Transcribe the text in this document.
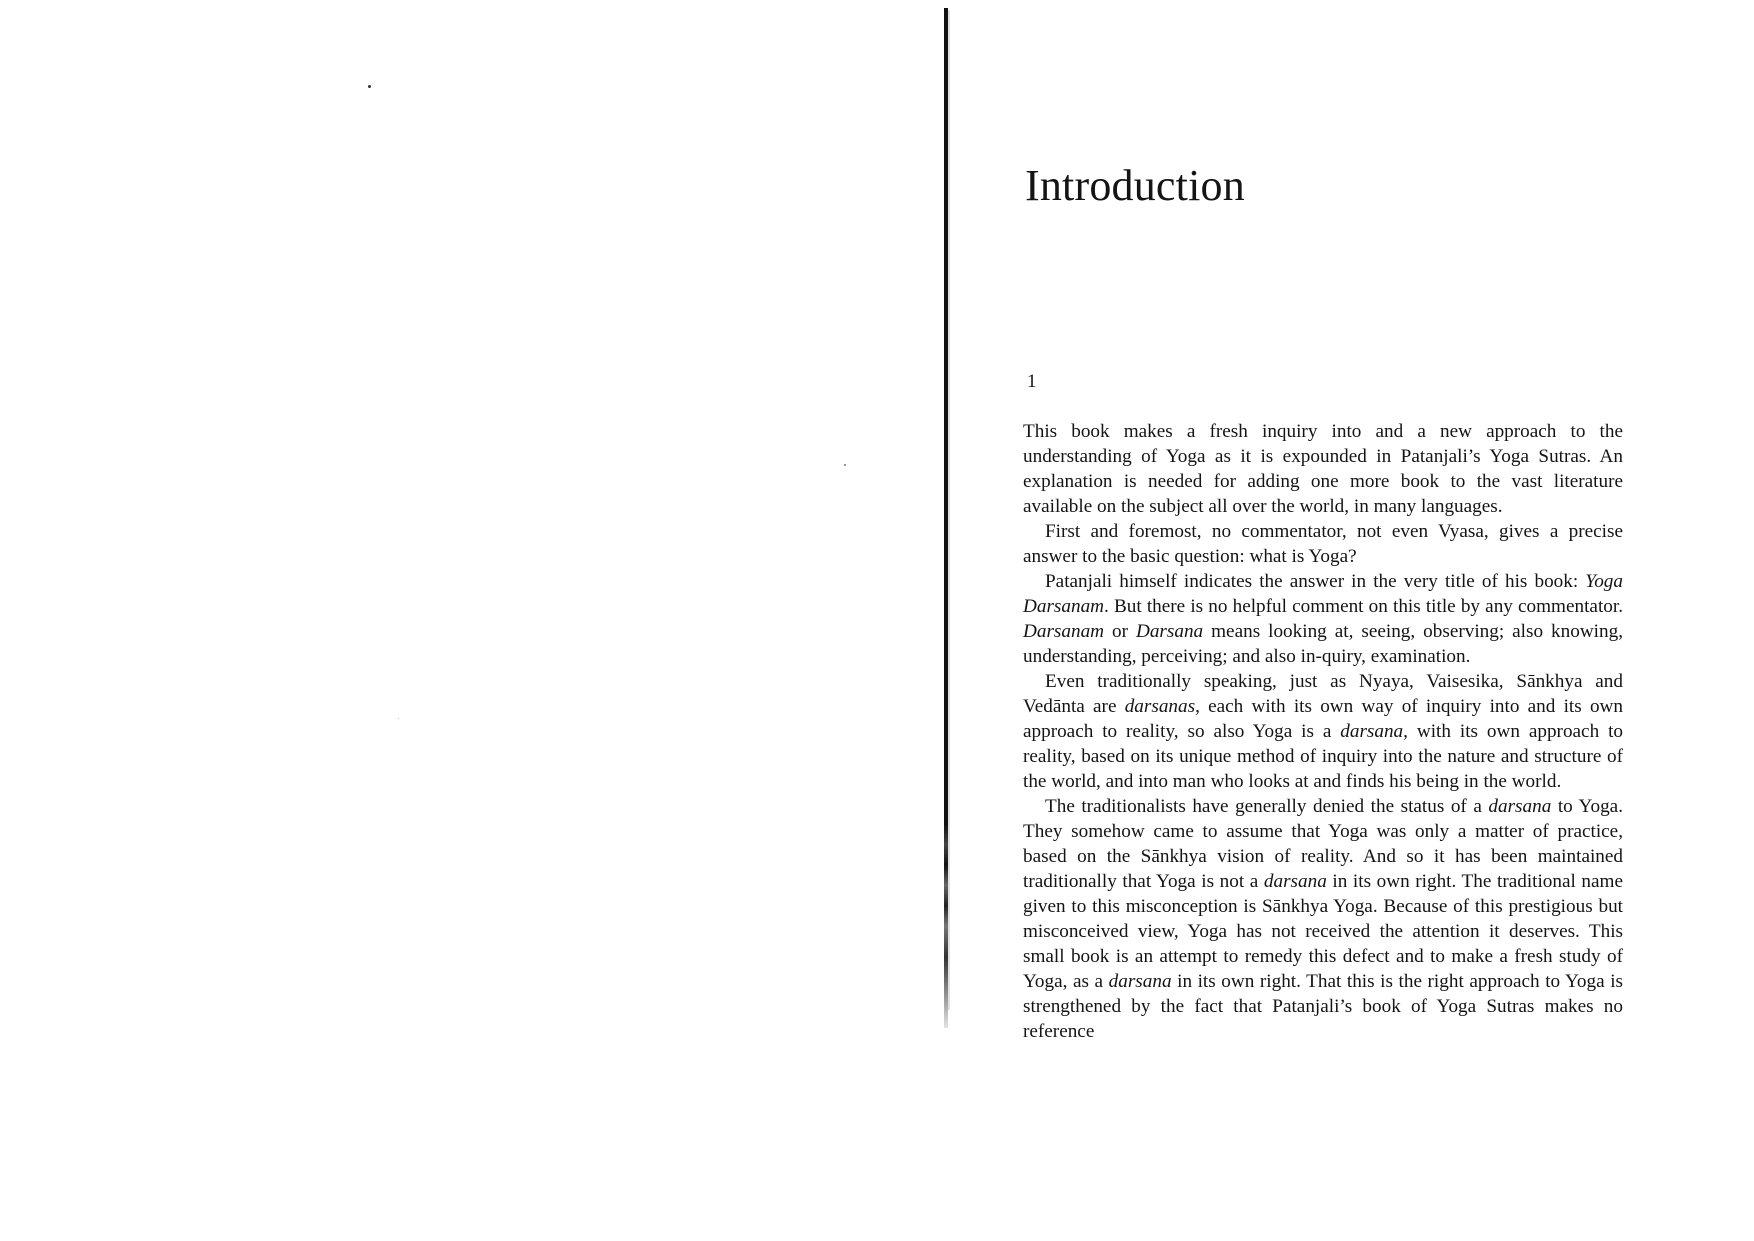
Introduction
1

This book makes a fresh inquiry into and a new approach to the understanding of Yoga as it is expounded in Patanjali’s Yoga Sutras. An explanation is needed for adding one more book to the vast literature available on the subject all over the world, in many languages.

First and foremost, no commentator, not even Vyasa, gives a precise answer to the basic question: what is Yoga?

Patanjali himself indicates the answer in the very title of his book: Yoga Darsanam. But there is no helpful comment on this title by any commentator. Darsanam or Darsana means looking at, seeing, observing; also knowing, understanding, perceiving; and also in-quiry, examination.

Even traditionally speaking, just as Nyaya, Vaisesika, Sānkhya and Vedānta are darsanas, each with its own way of inquiry into and its own approach to reality, so also Yoga is a darsana, with its own approach to reality, based on its unique method of inquiry into the nature and structure of the world, and into man who looks at and finds his being in the world.

The traditionalists have generally denied the status of a darsana to Yoga. They somehow came to assume that Yoga was only a matter of practice, based on the Sānkhya vision of reality. And so it has been maintained traditionally that Yoga is not a darsana in its own right. The traditional name given to this misconception is Sānkhya Yoga. Because of this prestigious but misconceived view, Yoga has not received the attention it deserves. This small book is an attempt to remedy this defect and to make a fresh study of Yoga, as a darsana in its own right. That this is the right approach to Yoga is strengthened by the fact that Patanjali’s book of Yoga Sutras makes no reference
